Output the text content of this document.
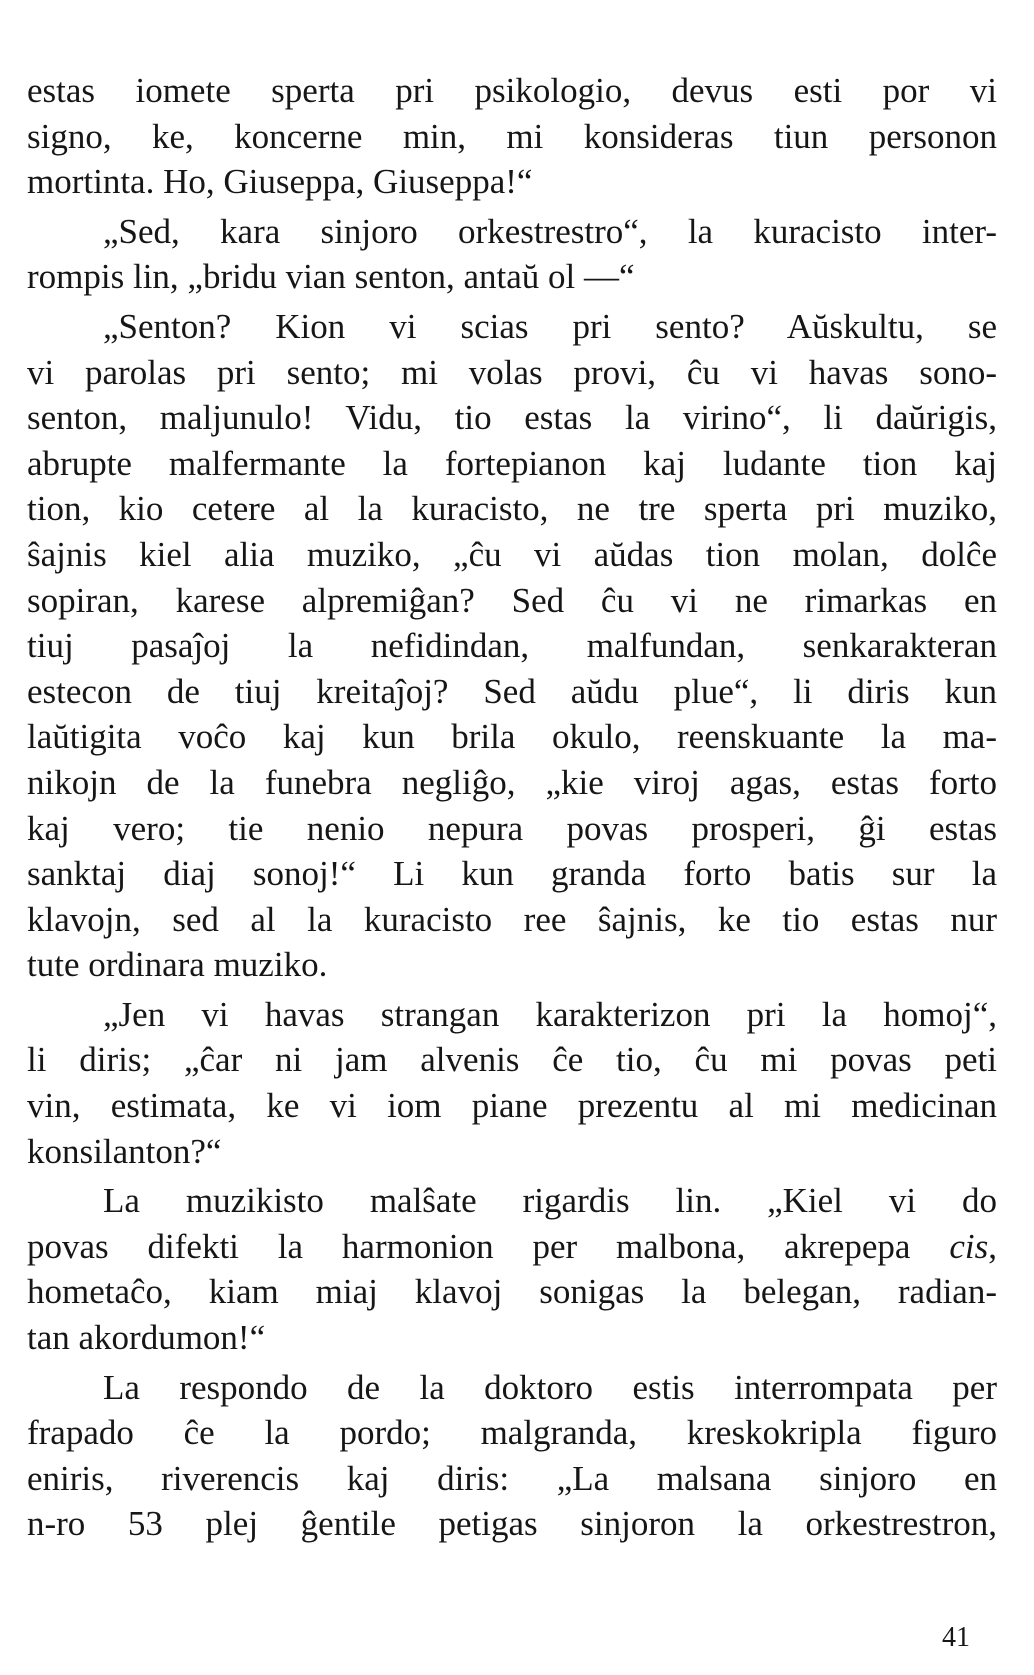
estas iomete sperta pri psikologio, devus esti por vi
signo, ke, koncerne min, mi konsideras tiun personon
mortinta. Ho, Giuseppa, Giuseppa!“
„Sed, kara sinjoro orkestrestro“, la kuracisto inter-
rompis lin, „bridu vian senton, antaŭ ol —“
„Senton? Kion vi scias pri sento? Aŭskultu, se
vi parolas pri sento; mi volas provi, ĉu vi havas sono-
senton, maljunulo! Vidu, tio estas la virino“, li daŭrigis,
abrupte malfermante la fortepianon kaj ludante tion kaj
tion, kio cetere al la kuracisto, ne tre sperta pri muziko,
ŝajnis kiel alia muziko, „ĉu vi aŭdas tion molan, dolĉe
sopiran, karese alpremiĝan? Sed ĉu vi ne rimarkas en
tiuj pasaĵoj la nefidindan, malfundan, senkarakteran
estecon de tiuj kreitaĵoj? Sed aŭdu plue“, li diris kun
laŭtigita voĉo kaj kun brila okulo, reenskuante la ma-
nikojn de la funebra negliĝo, „kie viroj agas, estas forto
kaj vero; tie nenio nepura povas prosperi, ĝi estas
sanktaj diaj sonoj!“ Li kun granda forto batis sur la
klavojn, sed al la kuracisto ree ŝajnis, ke tio estas nur
tute ordinara muziko.
„Jen vi havas strangan karakterizon pri la homoj“,
li diris; „ĉar ni jam alvenis ĉe tio, ĉu mi povas peti
vin, estimata, ke vi iom piane prezentu al mi medicinan
konsilanton?“
La muzikisto malŝate rigardis lin. „Kiel vi do
povas difekti la harmonion per malbona, akrepepa cis,
hometaĉo, kiam miaj klavoj sonigas la belegan, radian-
tan akordumon!“
La respondo de la doktoro estis interrompata per
frapado ĉe la pordo; malgranda, kreskokripla figuro
eniris, riverencis kaj diris: „La malsana sinjoro en
n-ro 53 plej ĝentile petigas sinjoron la orkestrestron,
41
